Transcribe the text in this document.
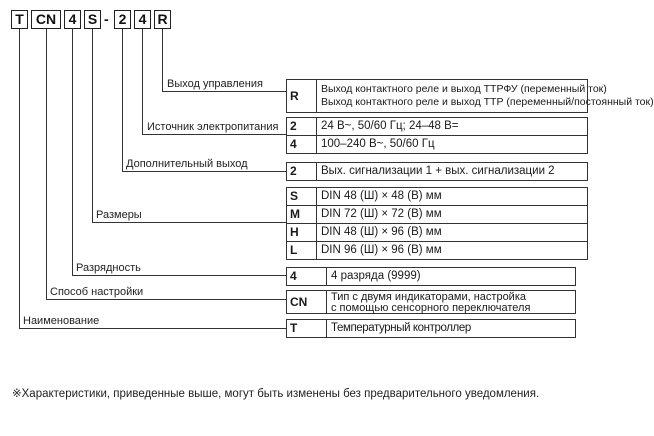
T CN 4 S - 2 4 R
Выход управления
Источник электропитания
Дополнительный выход
Размеры
Разрядность
Способ настройки
Наименование
R	Выход контактного реле и выход ТТРФУ (переменный ток)
Выход контактного реле и выход ТТР (переменный/постоянный ток)
2	24 В~, 50/60 Гц; 24–48 В=
4	100–240 В~, 50/60 Гц
2	Вых. сигнализации 1 + вых. сигнализации 2
S	DIN 48 (Ш) × 48 (В) мм
M	DIN 72 (Ш) × 72 (В) мм
H	DIN 48 (Ш) × 96 (В) мм
L	DIN 96 (Ш) × 96 (В) мм
4	4 разряда (9999)
CN	Тип с двумя индикаторами, настройка
с помощью сенсорного переключателя
T	Температурный контроллер
※Характеристики, приведенные выше, могут быть изменены без предварительного уведомления.
